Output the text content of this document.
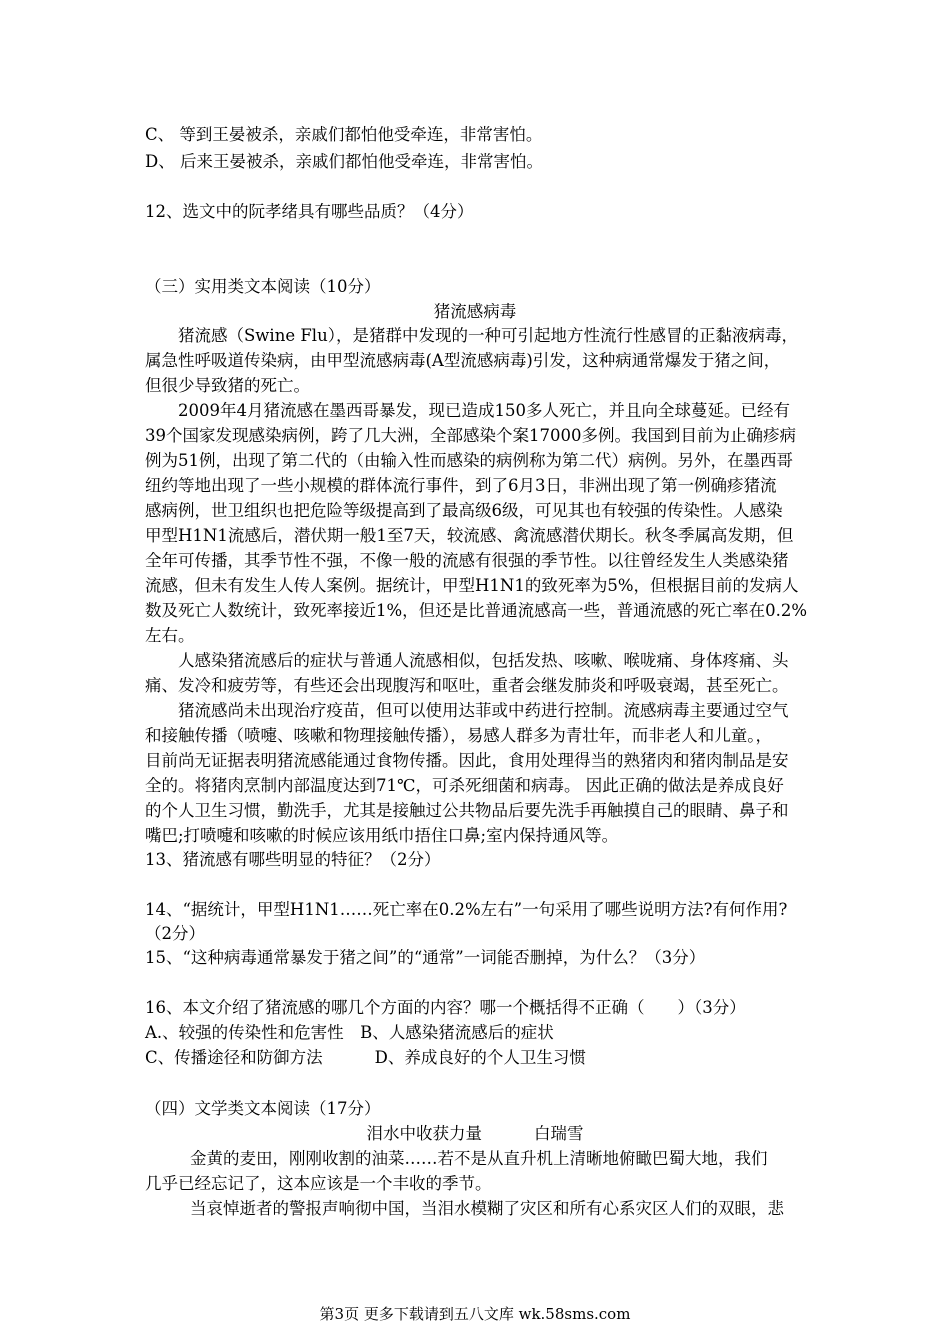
C、 等到王晏被杀，亲戚们都怕他受牵连，非常害怕。
D、 后来王晏被杀，亲戚们都怕他受牵连，非常害怕。
12、选文中的阮孝绪具有哪些品质？（4分）
（三）实用类文本阅读（10分）
猪流感病毒
猪流感（Swine Flu），是猪群中发现的一种可引起地方性流行性感冒的正黏液病毒，
属急性呼吸道传染病，由甲型流感病毒(A型流感病毒)引发，这种病通常爆发于猪之间，
但很少导致猪的死亡。
2009年4月猪流感在墨西哥暴发，现已造成150多人死亡，并且向全球蔓延。已经有
39个国家发现感染病例，跨了几大洲，全部感染个案17000多例。我国到目前为止确疹病
例为51例，出现了第二代的（由输入性而感染的病例称为第二代）病例。另外，在墨西哥
纽约等地出现了一些小规模的群体流行事件，到了6月3日，非洲出现了第一例确疹猪流
感病例，世卫组织也把危险等级提高到了最高级6级，可见其也有较强的传染性。人感染
甲型H1N1流感后，潜伏期一般1至7天，较流感、禽流感潜伏期长。秋冬季属高发期，但
全年可传播，其季节性不强，不像一般的流感有很强的季节性。以往曾经发生人类感染猪
流感，但未有发生人传人案例。据统计，甲型H1N1的致死率为5%，但根据目前的发病人
数及死亡人数统计，致死率接近1%，但还是比普通流感高一些，普通流感的死亡率在0.2%
左右。
人感染猪流感后的症状与普通人流感相似，包括发热、咳嗽、喉咙痛、身体疼痛、头
痛、发冷和疲劳等，有些还会出现腹泻和呕吐，重者会继发肺炎和呼吸衰竭，甚至死亡。
猪流感尚未出现治疗疫苗，但可以使用达菲或中药进行控制。流感病毒主要通过空气
和接触传播（喷嚏、咳嗽和物理接触传播），易感人群多为青壮年，而非老人和儿童。，
目前尚无证据表明猪流感能通过食物传播。因此，食用处理得当的熟猪肉和猪肉制品是安
全的。将猪肉烹制内部温度达到71℃，可杀死细菌和病毒。 因此正确的做法是养成良好
的个人卫生习惯，勤洗手，尤其是接触过公共物品后要先洗手再触摸自己的眼睛、鼻子和
嘴巴;打喷嚏和咳嗽的时候应该用纸巾捂住口鼻;室内保持通风等。
13、猪流感有哪些明显的特征？（2分）
14、“据统计，甲型H1N1……死亡率在0.2%左右”一句采用了哪些说明方法?有何作用?
（2分）
15、“这种病毒通常暴发于猪之间”的“通常”一词能否删掉，为什么？（3分）
16、本文介绍了猪流感的哪几个方面的内容？哪一个概括得不正确（　　）（3分）
A.、较强的传染性和危害性　B、人感染猪流感后的症状
C、传播途径和防御方法	D、养成良好的个人卫生习惯
（四）文学类文本阅读（17分）
泪水中收获力量	白瑞雪
金黄的麦田，刚刚收割的油菜……若不是从直升机上清晰地俯瞰巴蜀大地，我们
几乎已经忘记了，这本应该是一个丰收的季节。
当哀悼逝者的警报声响彻中国，当泪水模糊了灾区和所有心系灾区人们的双眼，悲
第3页 更多下载请到五八文库 wk.58sms.com
